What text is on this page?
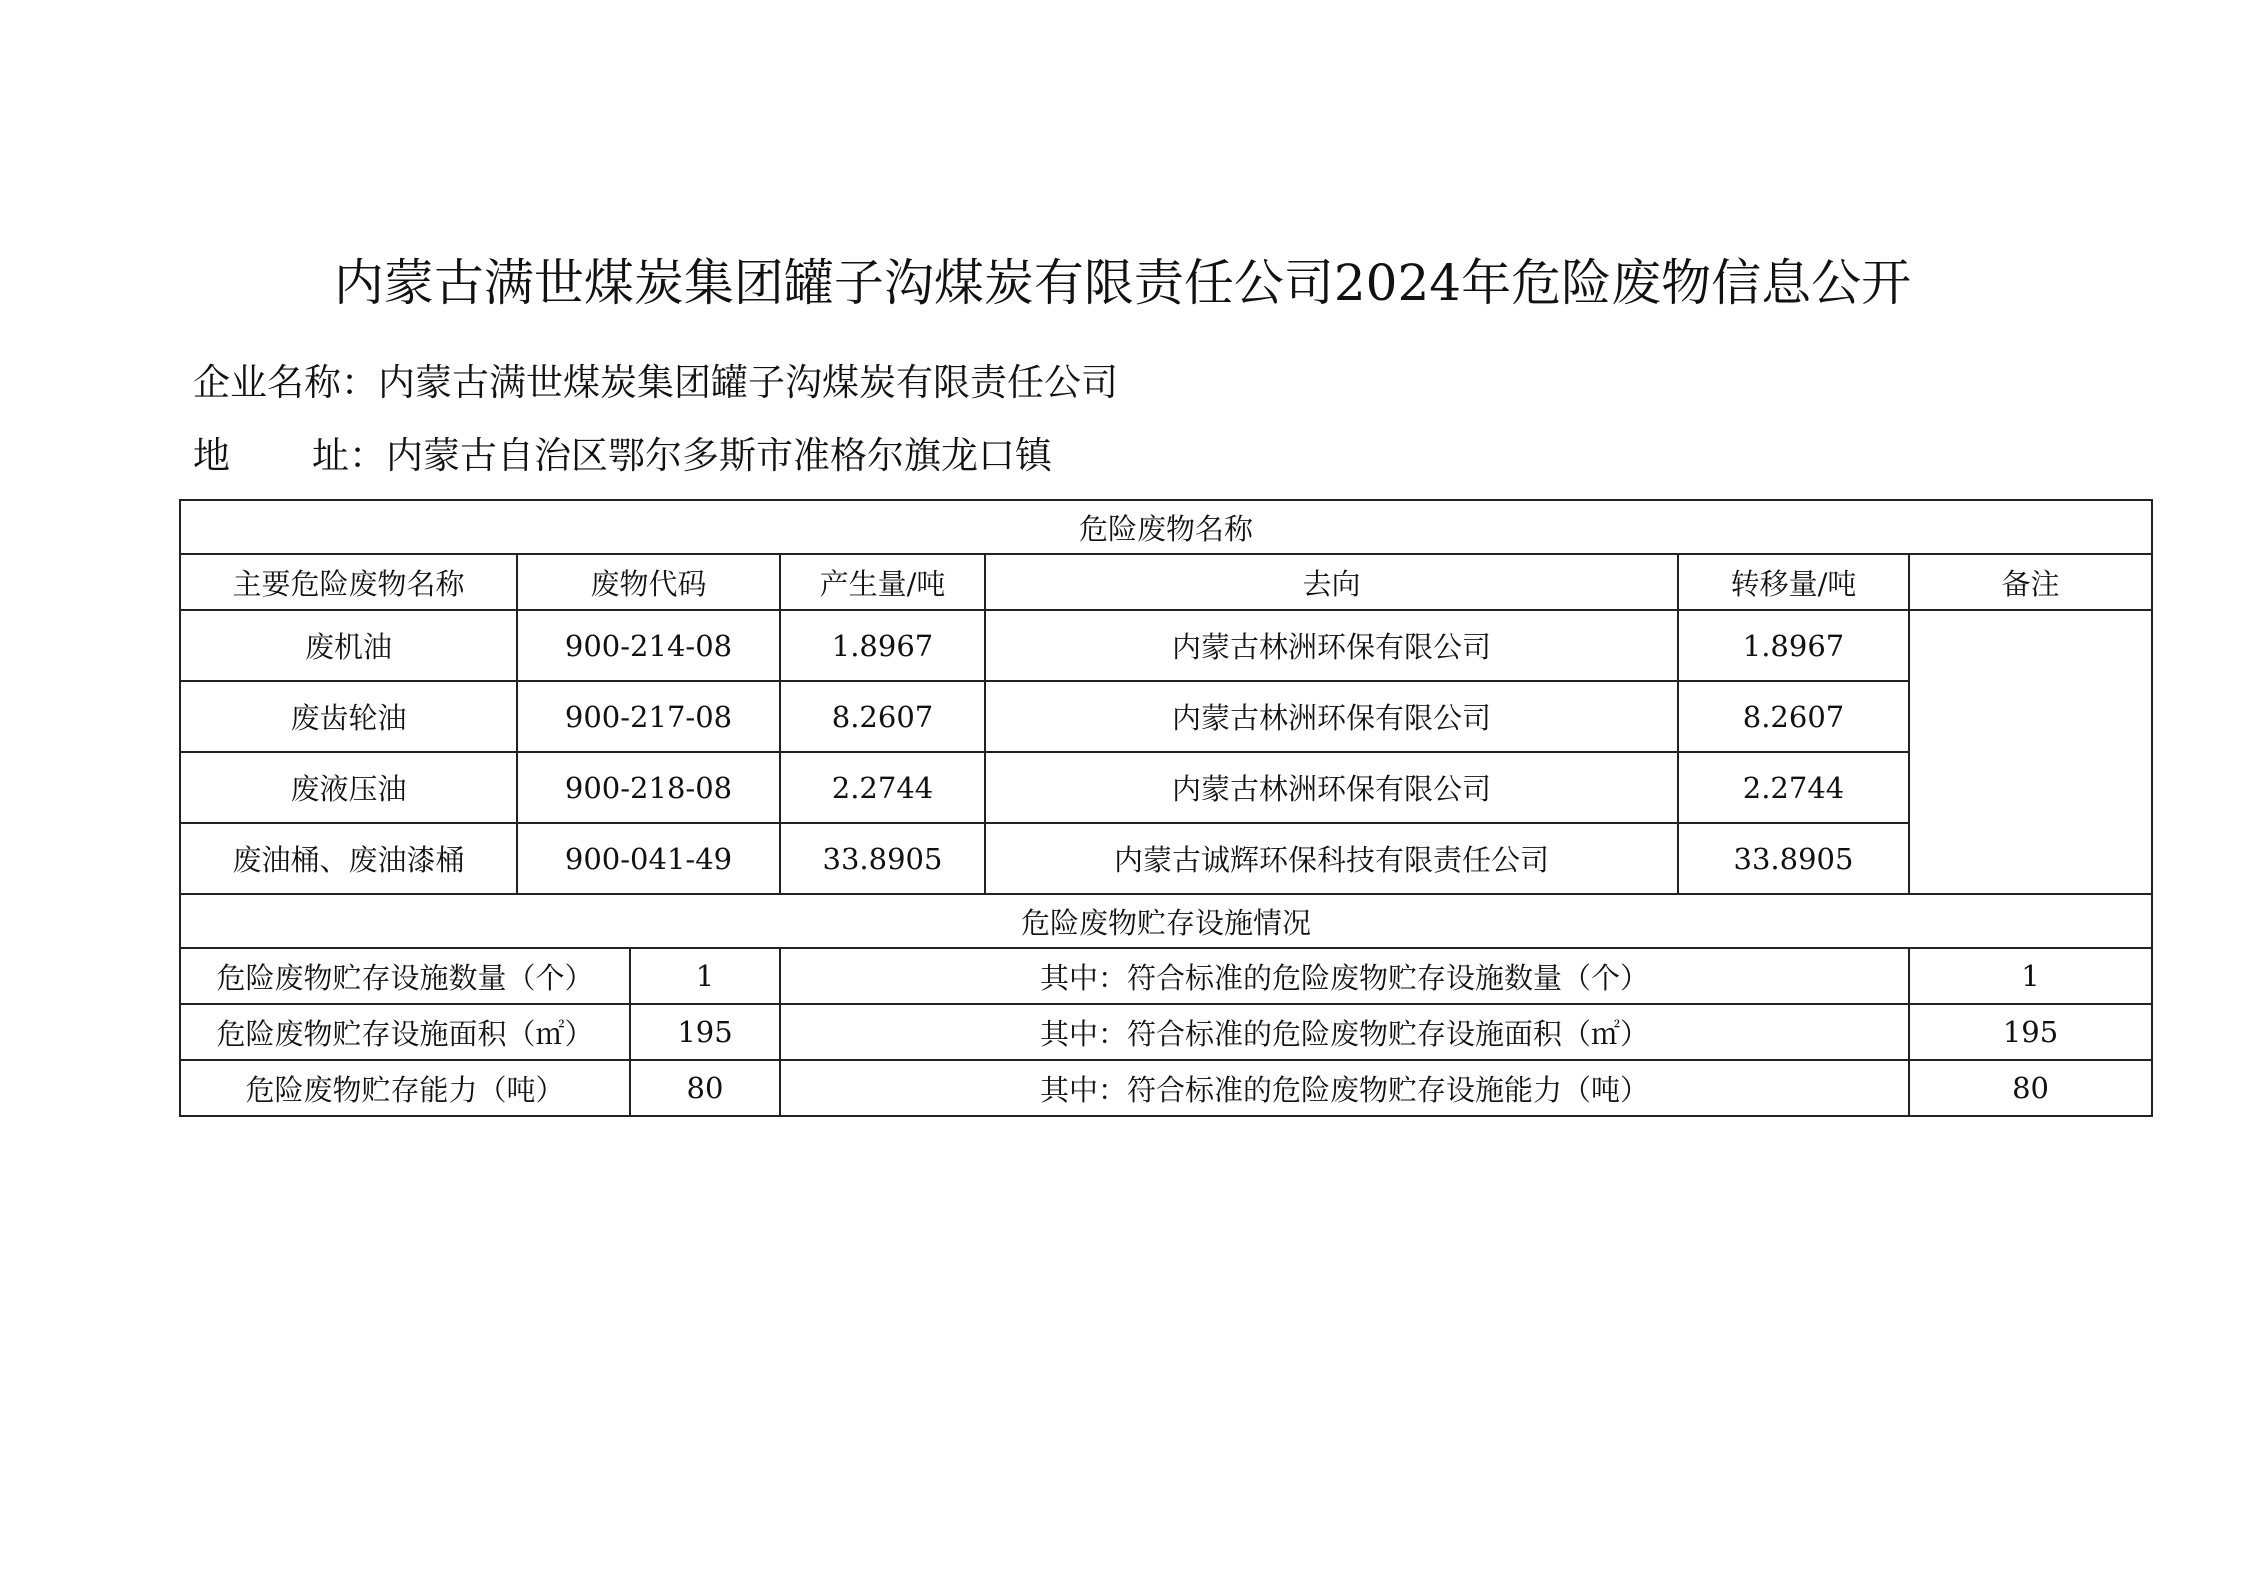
内蒙古满世煤炭集团罐子沟煤炭有限责任公司2024年危险废物信息公开
企业名称：内蒙古满世煤炭集团罐子沟煤炭有限责任公司
地 址： 内蒙古自治区鄂尔多斯市准格尔旗龙口镇
危险废物名称						
主要危险废物名称	废物代码		产生量/吨	去向	转移量/吨	备注
废机油	900-214-08		1.8967	内蒙古林洲环保有限公司	1.8967	
废齿轮油	900-217-08		8.2607	内蒙古林洲环保有限公司	8.2607	
废液压油	900-218-08		2.2744	内蒙古林洲环保有限公司	2.2744	
废油桶、废油漆桶	900-041-49		33.8905	内蒙古诚辉环保科技有限责任公司	33.8905	
危险废物贮存设施情况						
危险废物贮存设施数量（个）		1	其中：符合标准的危险废物贮存设施数量（个）			1
危险废物贮存设施面积（㎡）		195	其中：符合标准的危险废物贮存设施面积（㎡）			195
危险废物贮存能力（吨）		80	其中：符合标准的危险废物贮存设施能力（吨）			80
